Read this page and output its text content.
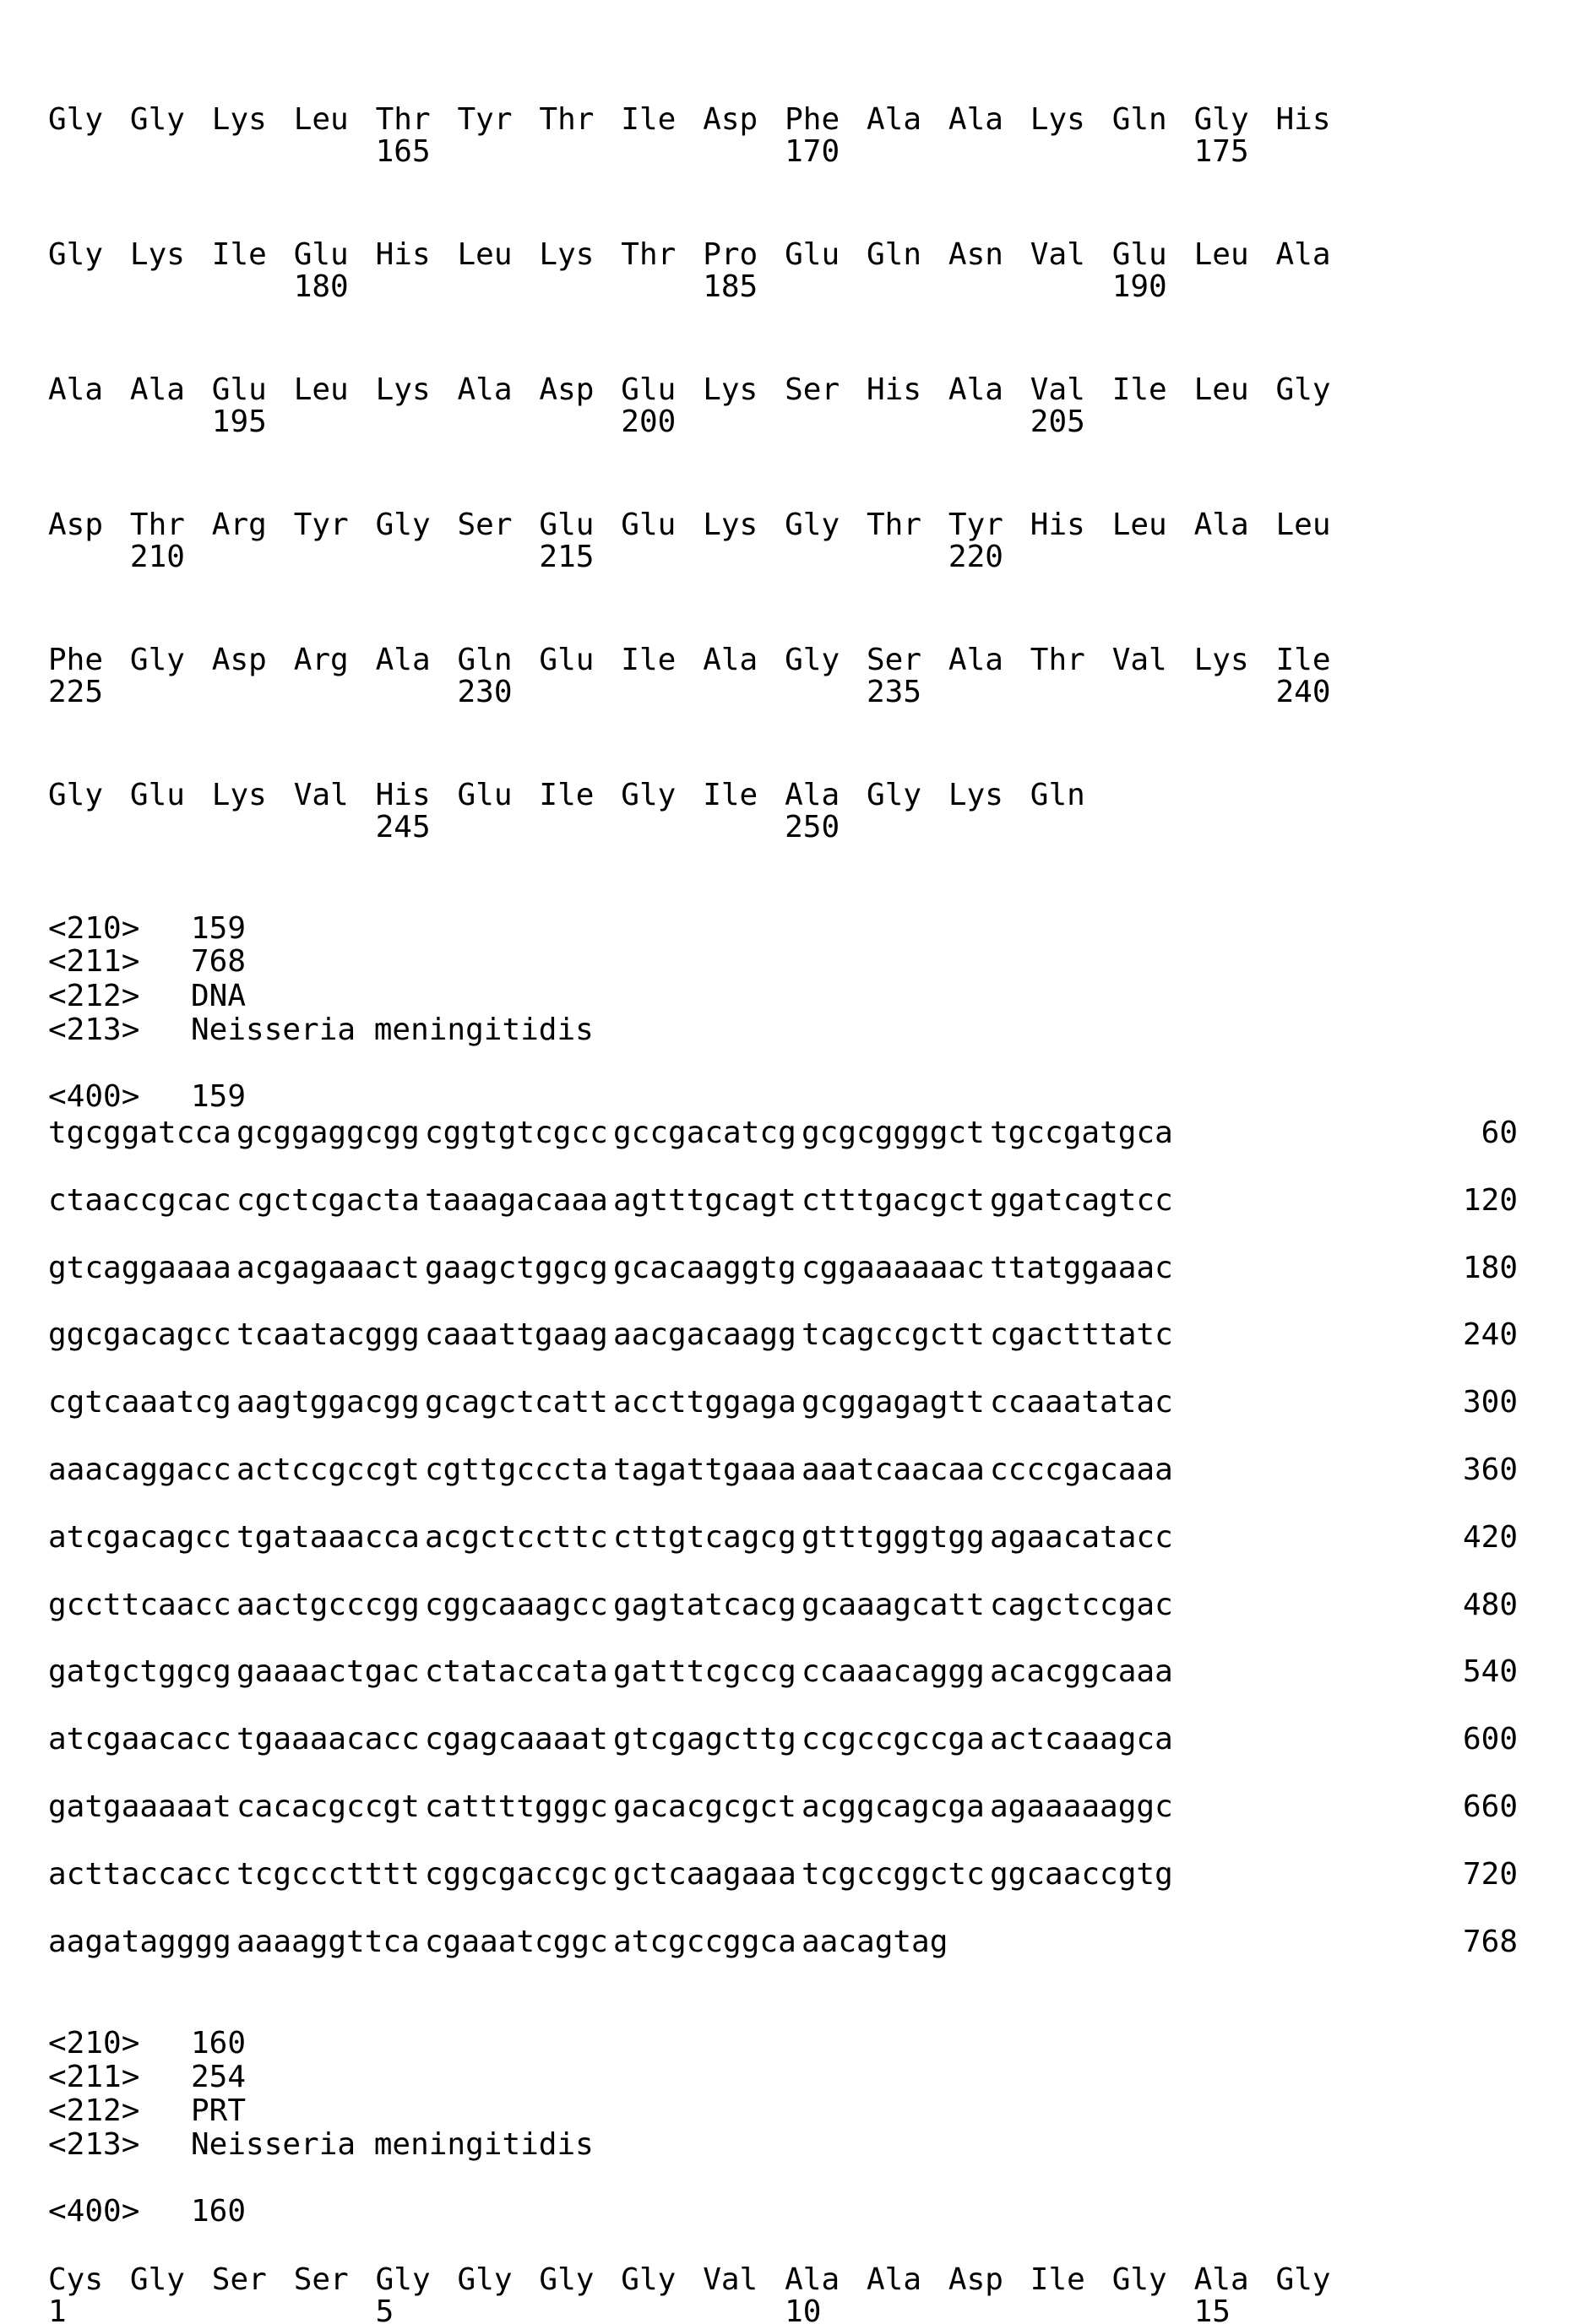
Gly Gly Lys Leu Thr Tyr Thr Ile Asp Phe Ala Ala Lys Gln Gly His
165	170	175
Gly Lys Ile Glu His Leu Lys Thr Pro Glu Gln Asn Val Glu Leu Ala
180	185	190
Ala Ala Glu Leu Lys Ala Asp Glu Lys Ser His Ala Val Ile Leu Gly
195	200	205
Asp Thr Arg Tyr Gly Ser Glu Glu Lys Gly Thr Tyr His Leu Ala Leu
210	215	220
Phe Gly Asp Arg Ala Gln Glu Ile Ala Gly Ser Ala Thr Val Lys Ile
225	230	235	240
Gly Glu Lys Val His Glu Ile Gly Ile Ala Gly Lys Gln
245	250
<210> 159
<211> 768
<212> DNA
<213> Neisseria meningitidis
<400> 159
tgcggatcca gcggaggcgg cggtgtcgcc gccgacatcg gcgcggggct tgccgatgca	60
ctaaccgcac cgctcgacta taaagacaaa agtttgcagt ctttgacgct ggatcagtcc	120
gtcaggaaaa acgagaaact gaagctggcg gcacaaggtg cggaaaaaac ttatggaaac	180
ggcgacagcc tcaatacggg caaattgaag aacgacaagg tcagccgctt cgactttatc	240
cgtcaaatcg aagtggacgg gcagctcatt accttggaga gcggagagtt ccaaatatac	300
aaacaggacc actccgccgt cgttgcccta tagattgaaa aaatcaacaa ccccgacaaa	360
atcgacagcc tgataaacca acgctccttc cttgtcagcg gtttgggtgg agaacatacc	420
gccttcaacc aactgcccgg cggcaaagcc gagtatcacg gcaaagcatt cagctccgac	480
gatgctggcg gaaaactgac ctataccata gatttcgccg ccaaacaggg acacggcaaa	540
atcgaacacc tgaaaacacc cgagcaaaat gtcgagcttg ccgccgccga actcaaagca	600
gatgaaaaat cacacgccgt cattttgggc gacacgcgct acggcagcga agaaaaaggc	660
acttaccacc tcgccctttt cggcgaccgc gctcaagaaa tcgccggctc ggcaaccgtg	720
aagatagggg aaaaggttca cgaaatcggc atcgccggca aacagtag	768
<210> 160
<211> 254
<212> PRT
<213> Neisseria meningitidis
<400> 160
Cys Gly Ser Ser Gly Gly Gly Gly Val Ala Ala Asp Ile Gly Ala Gly
1	5	10	15
